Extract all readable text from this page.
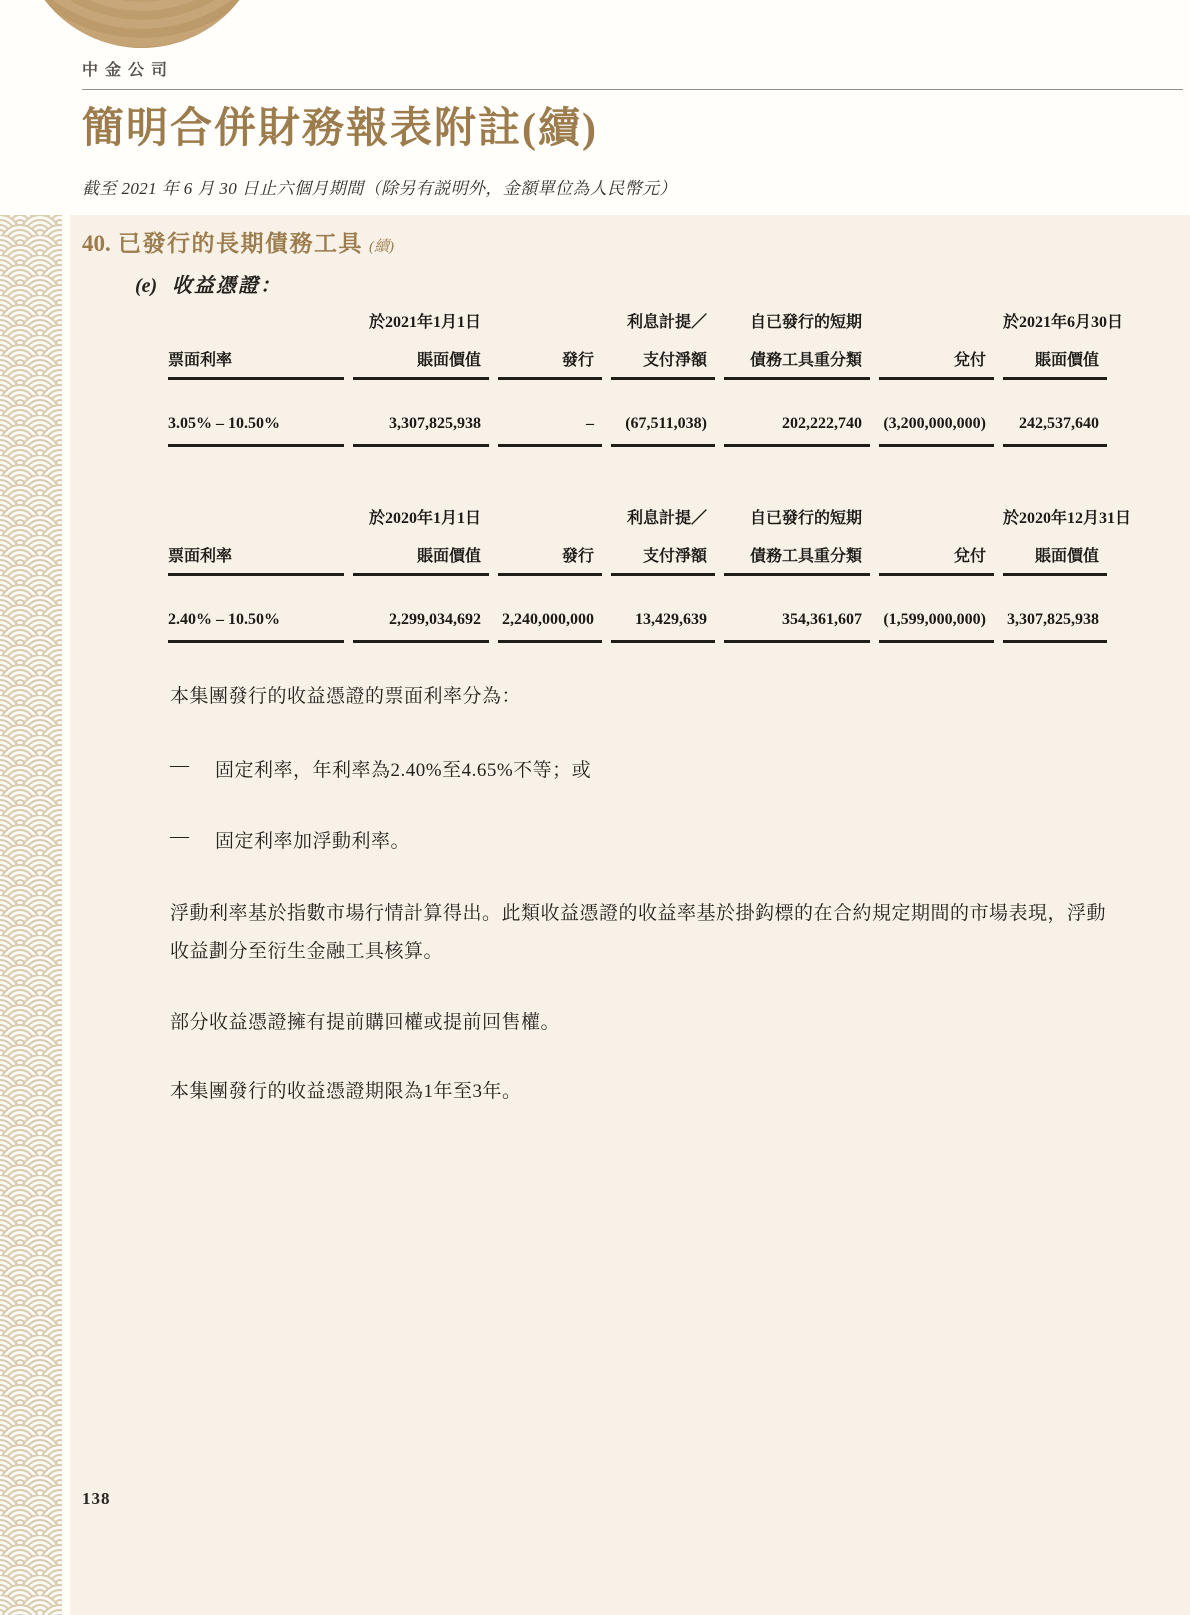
中金公司
簡明合併財務報表附註(續)
截至 2021 年 6 月 30 日止六個月期間（除另有説明外，金額單位為人民幣元）
40. 已發行的長期債務工具 (續)
(e) 收益憑證：
	於2021年1月1日		利息計提／	自已發行的短期		於2021年6月30日
票面利率	賬面價值	發行	支付淨額	債務工具重分類	兌付	賬面價值
3.05% – 10.50%	3,307,825,938	–	(67,511,038)	202,222,740	(3,200,000,000)	242,537,640
	於2020年1月1日		利息計提／	自已發行的短期		於2020年12月31日
票面利率	賬面價值	發行	支付淨額	債務工具重分類	兌付	賬面價值
2.40% – 10.50%	2,299,034,692	2,240,000,000	13,429,639	354,361,607	(1,599,000,000)	3,307,825,938

本集團發行的收益憑證的票面利率分為：

—	固定利率，年利率為2.40%至4.65%不等；或
—	固定利率加浮動利率。
浮動利率基於指數市場行情計算得出。此類收益憑證的收益率基於掛鈎標的在合約規定期間的市場表現，浮動
收益劃分至衍生金融工具核算。

部分收益憑證擁有提前購回權或提前回售權。

本集團發行的收益憑證期限為1年至3年。

138
